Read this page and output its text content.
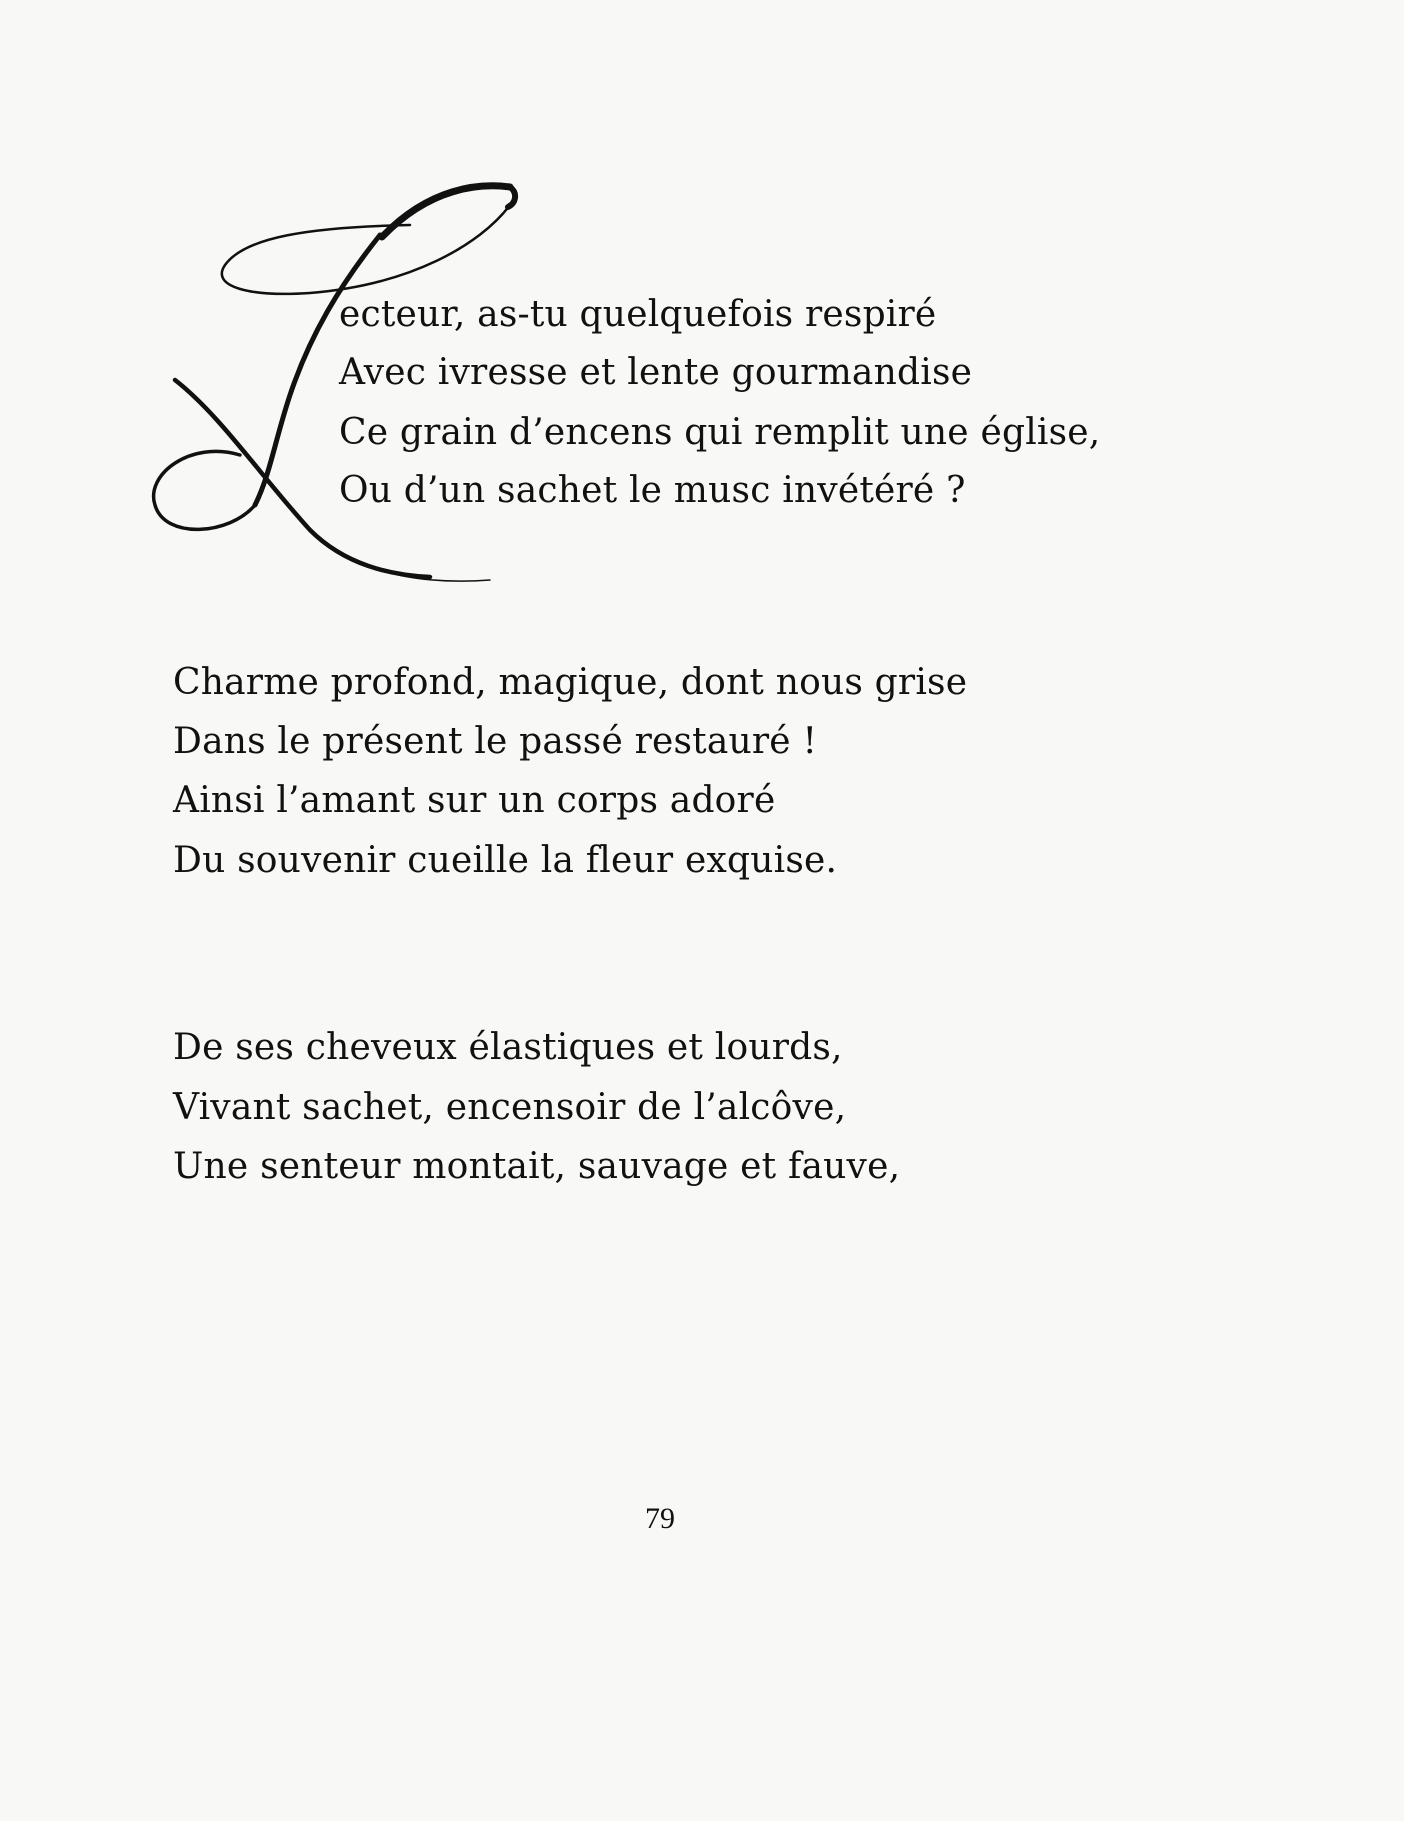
ecteur, as-tu quelquefois respiré
Avec ivresse et lente gourmandise
Ce grain d’encens qui remplit une église,
Ou d’un sachet le musc invétéré ?
Charme profond, magique, dont nous grise
Dans le présent le passé restauré !
Ainsi l’amant sur un corps adoré
Du souvenir cueille la fleur exquise.
De ses cheveux élastiques et lourds,
Vivant sachet, encensoir de l’alcôve,
Une senteur montait, sauvage et fauve,
79
